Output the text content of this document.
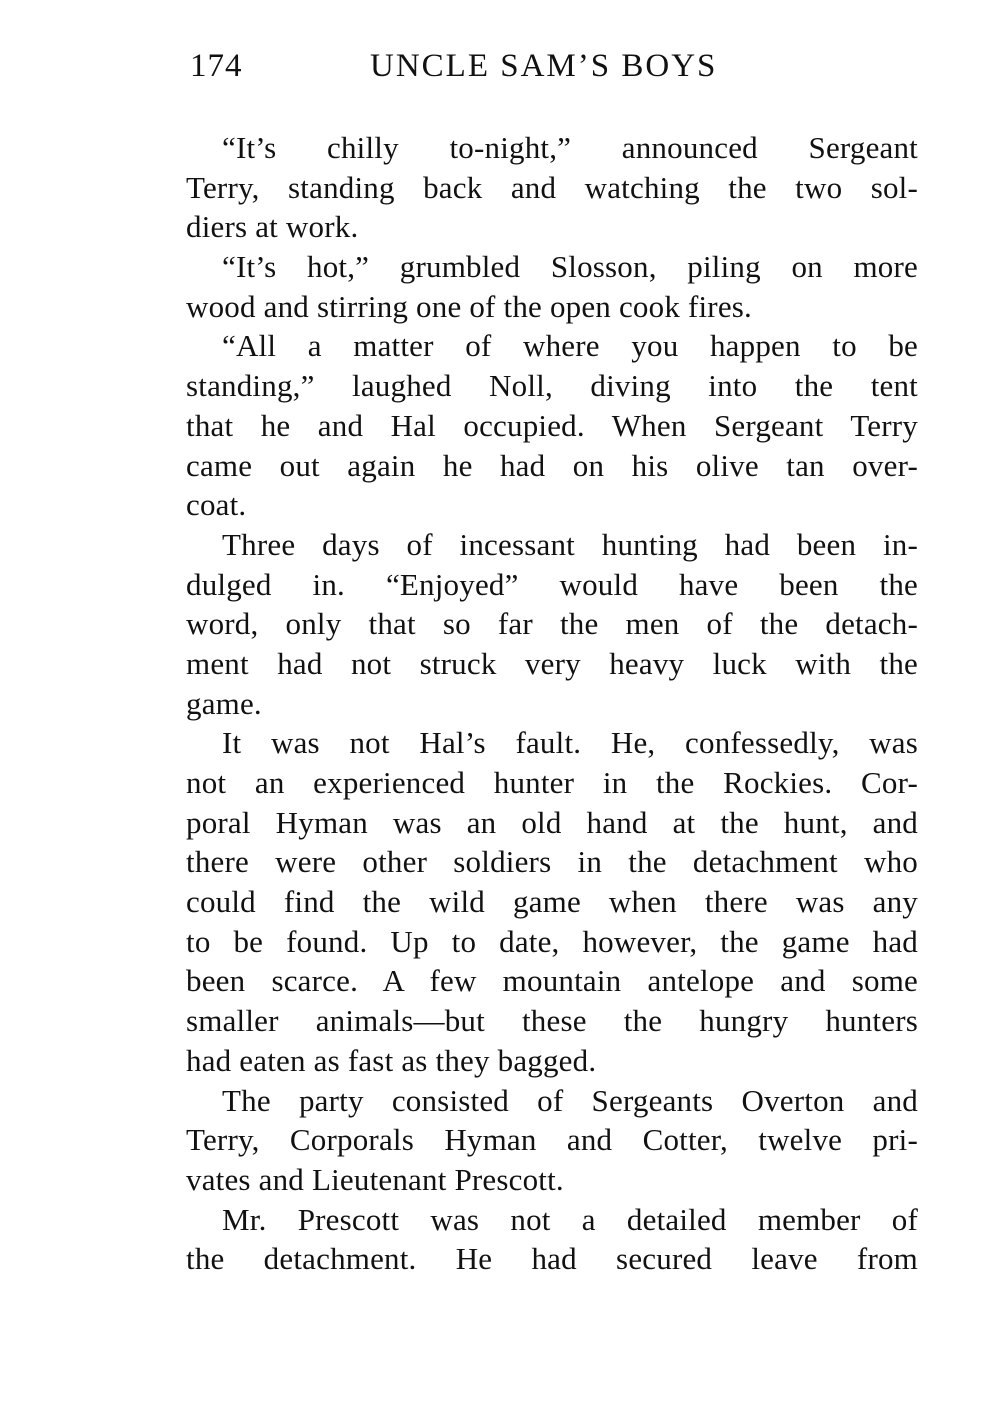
174	UNCLE SAM’S BOYS
“It’s chilly to-night,” announced Sergeant
Terry, standing back and watching the two sol-
diers at work.
“It’s hot,” grumbled Slosson, piling on more
wood and stirring one of the open cook fires.
“All a matter of where you happen to be
standing,” laughed Noll, diving into the tent
that he and Hal occupied. When Sergeant Terry
came out again he had on his olive tan over-
coat.
Three days of incessant hunting had been in-
dulged in. “Enjoyed” would have been the
word, only that so far the men of the detach-
ment had not struck very heavy luck with the
game.
It was not Hal’s fault. He, confessedly, was
not an experienced hunter in the Rockies. Cor-
poral Hyman was an old hand at the hunt, and
there were other soldiers in the detachment who
could find the wild game when there was any
to be found. Up to date, however, the game had
been scarce. A few mountain antelope and some
smaller animals—but these the hungry hunters
had eaten as fast as they bagged.
The party consisted of Sergeants Overton and
Terry, Corporals Hyman and Cotter, twelve pri-
vates and Lieutenant Prescott.
Mr. Prescott was not a detailed member of
the detachment. He had secured leave from
